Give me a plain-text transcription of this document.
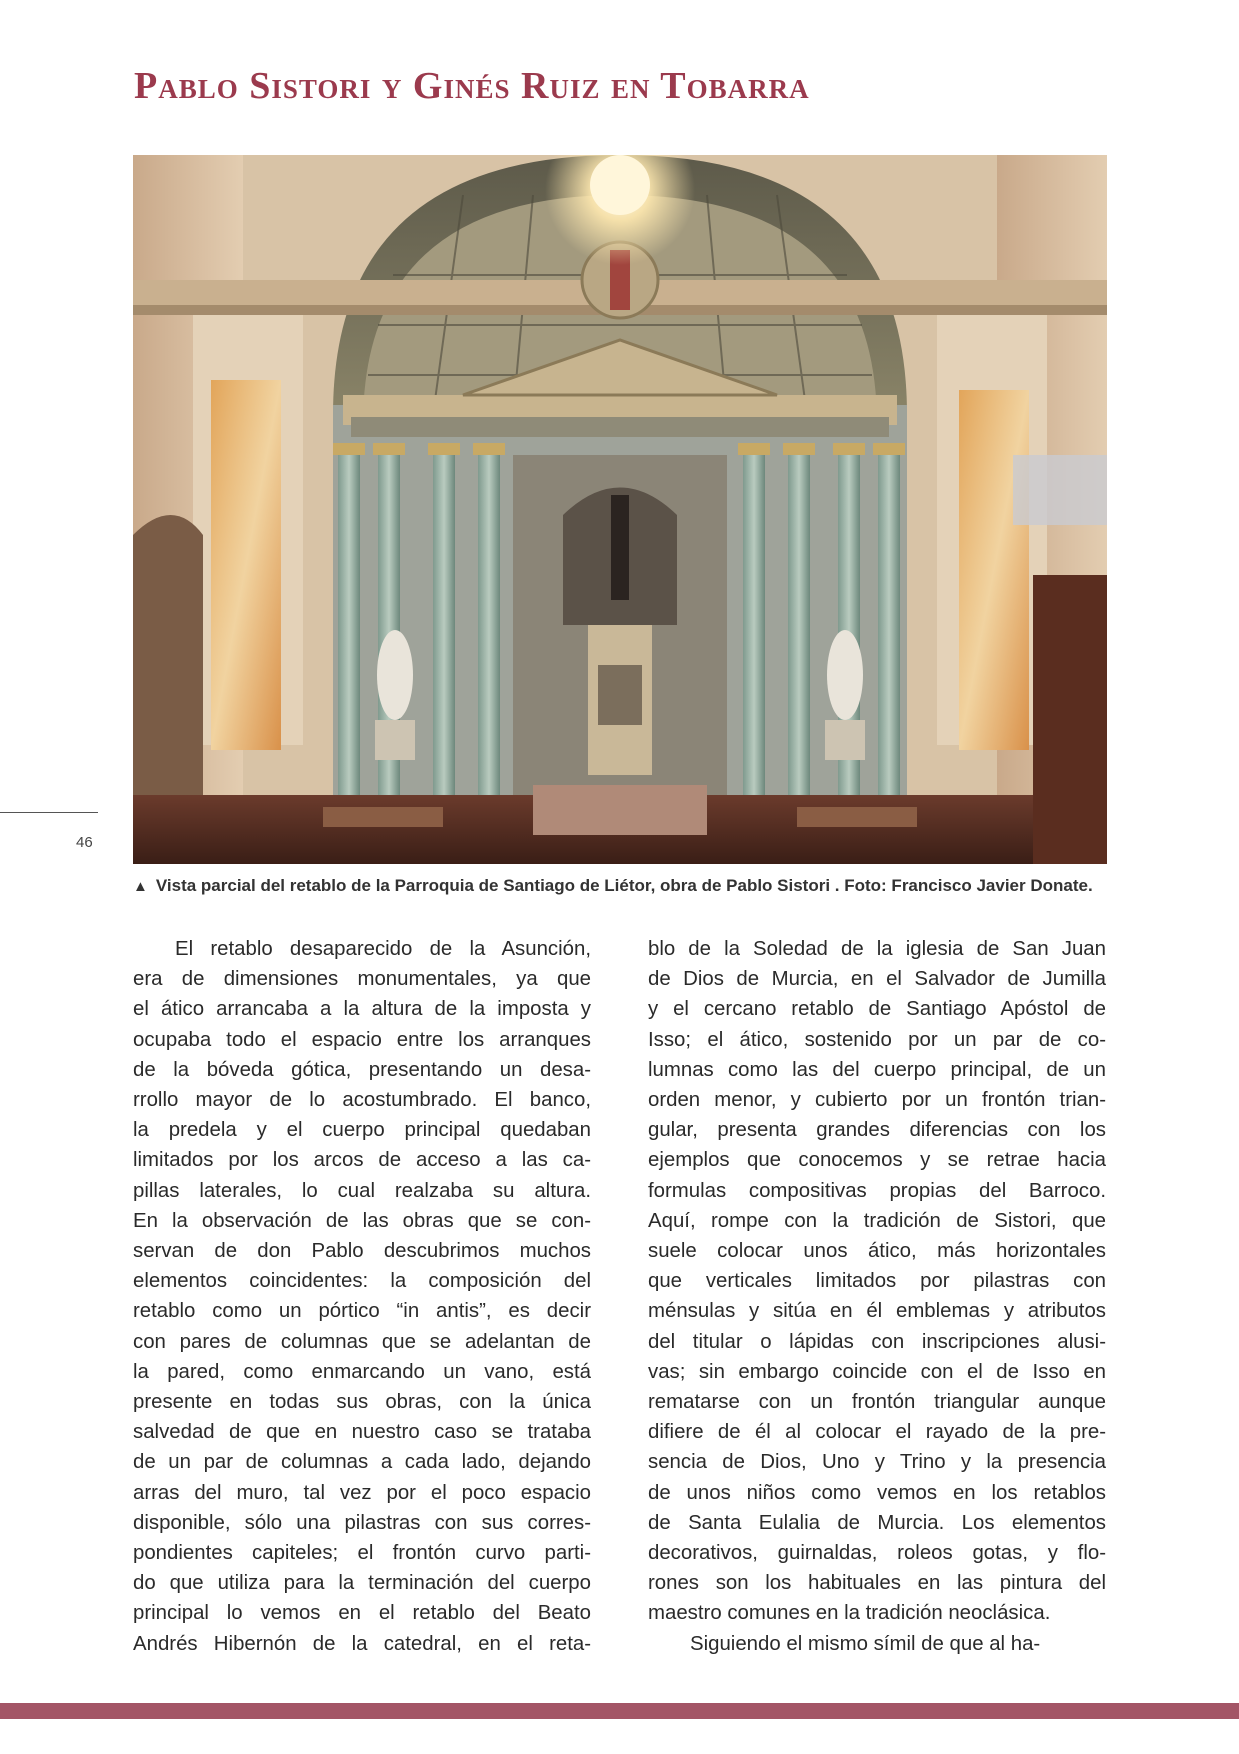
Pablo Sistori y Ginés Ruiz en Tobarra
46
▲ Vista parcial del retablo de la Parroquia de Santiago de Liétor, obra de Pablo Sistori . Foto: Francisco Javier Donate.

El retablo desaparecido de la Asunción,

era de dimensiones monumentales, ya que

el ático arrancaba a la altura de la imposta y

ocupaba todo el espacio entre los arranques

de la bóveda gótica, presentando un desa-

rrollo mayor de lo acostumbrado. El banco,

la predela y el cuerpo principal quedaban

limitados por los arcos de acceso a las ca-

pillas laterales, lo cual realzaba su altura.

En la observación de las obras que se con-

servan de don Pablo descubrimos muchos

elementos coincidentes: la composición del

retablo como un pórtico “in antis”, es decir

con pares de columnas que se adelantan de

la pared, como enmarcando un vano, está

presente en todas sus obras, con la única

salvedad de que en nuestro caso se trataba

de un par de columnas a cada lado, dejando

arras del muro, tal vez por el poco espacio

disponible, sólo una pilastras con sus corres-

pondientes capiteles; el frontón curvo parti-

do que utiliza para la terminación del cuerpo

principal lo vemos en el retablo del Beato

Andrés Hibernón de la catedral, en el reta-

blo de la Soledad de la iglesia de San Juan

de Dios de Murcia, en el Salvador de Jumilla

y el cercano retablo de Santiago Apóstol de

Isso; el ático, sostenido por un par de co-

lumnas como las del cuerpo principal, de un

orden menor, y cubierto por un frontón trian-

gular, presenta grandes diferencias con los

ejemplos que conocemos y se retrae hacia

formulas compositivas propias del Barroco.

Aquí, rompe con la tradición de Sistori, que

suele colocar unos ático, más horizontales

que verticales limitados por pilastras con

ménsulas y sitúa en él emblemas y atributos

del titular o lápidas con inscripciones alusi-

vas; sin embargo coincide con el de Isso en

rematarse con un frontón triangular aunque

difiere de él al colocar el rayado de la pre-

sencia de Dios, Uno y Trino y la presencia

de unos niños como vemos en los retablos

de Santa Eulalia de Murcia. Los elementos

decorativos, guirnaldas, roleos gotas, y flo-

rones son los habituales en las pintura del

maestro comunes en la tradición neoclásica.

Siguiendo el mismo símil de que al ha-
